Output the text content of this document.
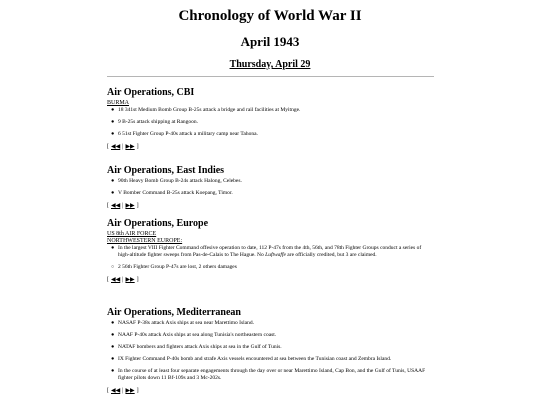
Chronology of World War II
April 1943
Thursday, April 29
Air Operations, CBI
BURMA
● 18 341st Medium Bomb Group B-25s attack a bridge and rail facilities at Myitnge.
● 9 B-25s attack shipping at Rangoon.
● 6 51st Fighter Group P-40s attack a military camp near Tahona.
[ ◀◀ | ▶▶ ]
Air Operations, East Indies
● 90th Heavy Bomb Group B-24s attack Halong, Celebes.
● V Bomber Command B-25s attack Koepang, Timor.
[ ◀◀ | ▶▶ ]
Air Operations, Europe
US 8th AIR FORCE
NORTHWESTERN EUROPE:
● In the largest VIII Fighter Command offesive operation to date, 112 P-47s from the 4th, 56th, and 78th Fighter Groups conduct a series of high-altitude fighter sweeps from Pas-de-Calais to The Hague. No Luftwaffe are officially credited, but 3 are claimed.
○ 2 56th Fighter Group P-47s are lost, 2 others damages
[ ◀◀ | ▶▶ ]
Air Operations, Mediterranean
● NASAF P-38s attack Axis ships at sea near Marettimo Island.
● NAAF P-40s attack Axis ships at sea along Tunisia's northeastern coast.
● NATAF bombers and fighters attack Axis ships at sea in the Gulf of Tunis.
● IX Fighter Command P-40s bomb and strafe Axis vessels encountered at sea between the Tunisian coast and Zembra Island.
● In the course of at least four separate engagements through the day over or near Marettimo Island, Cap Bon, and the Gulf of Tunis, USAAF fighter pilots down 11 Bf-109s and 3 Mc-202s.
[ ◀◀ | ▶▶ ]
